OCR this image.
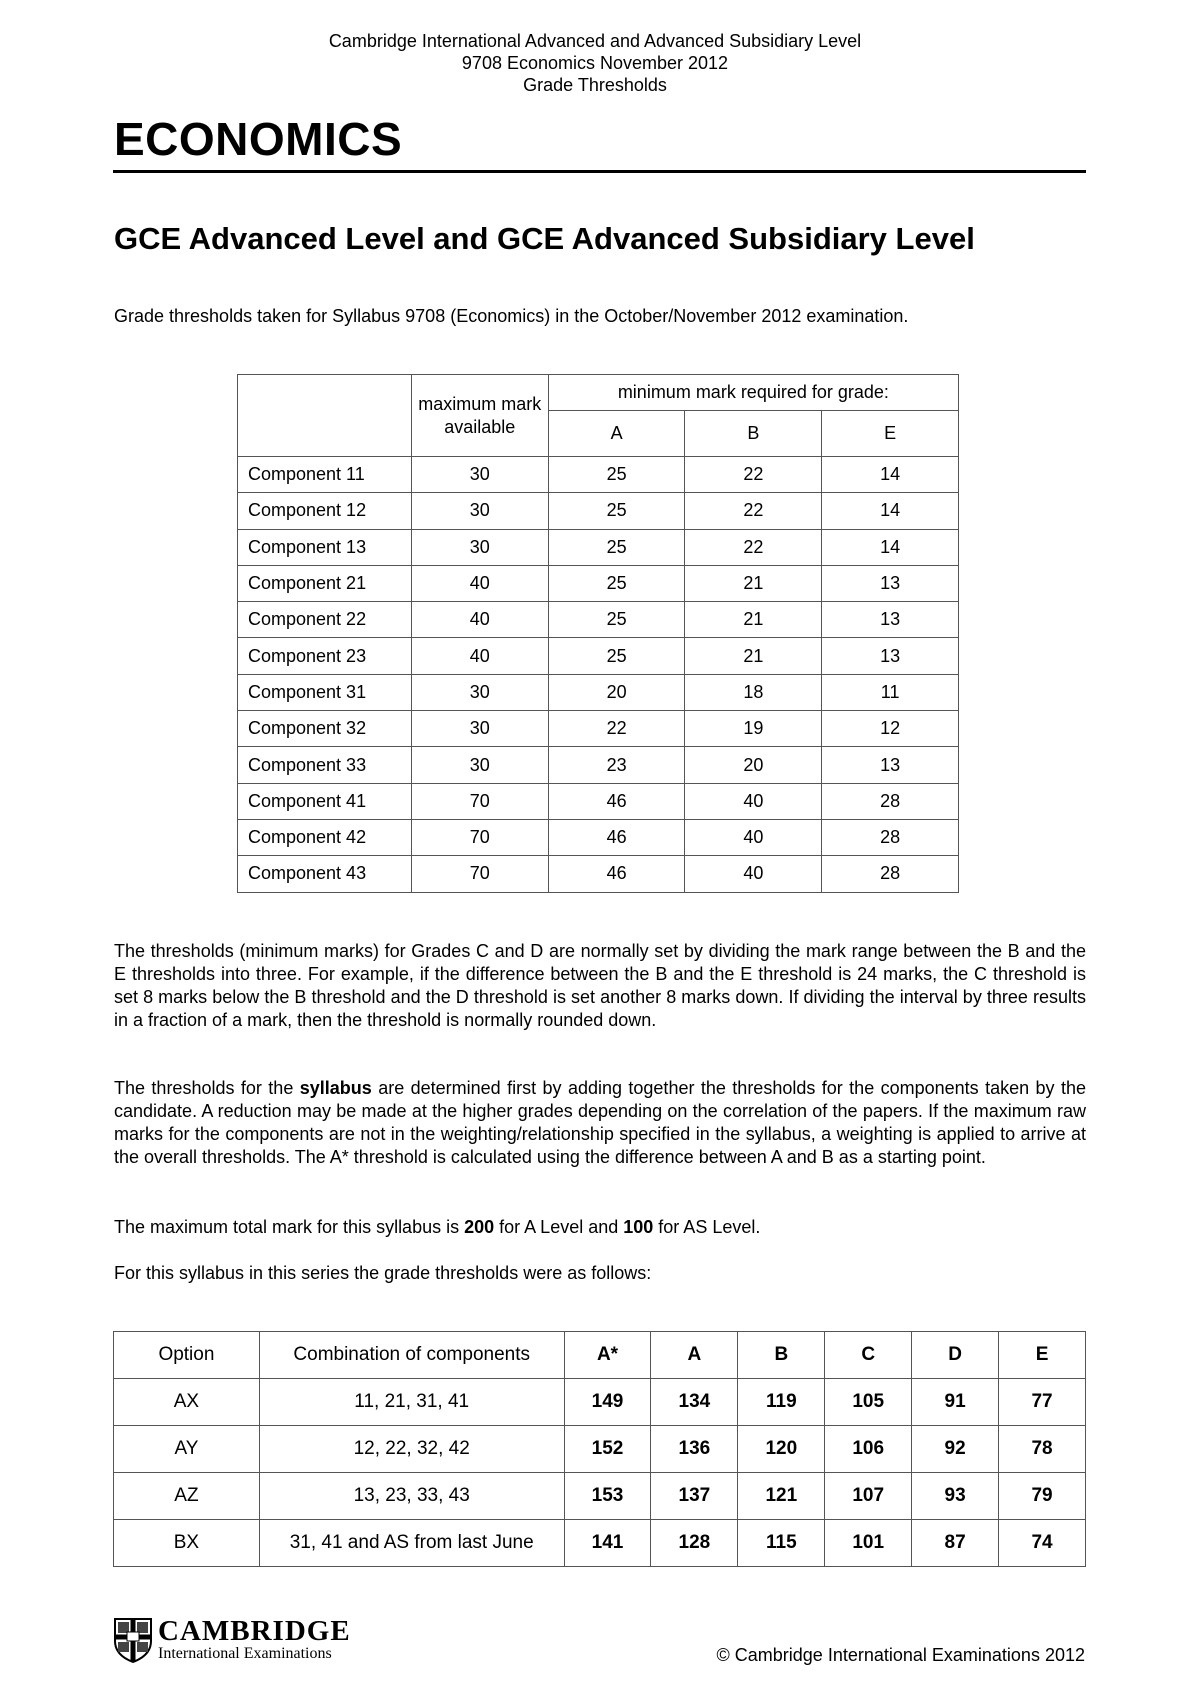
Cambridge International Advanced and Advanced Subsidiary Level
9708 Economics November 2012
Grade Thresholds
ECONOMICS
GCE Advanced Level and GCE Advanced Subsidiary Level
Grade thresholds taken for Syllabus 9708 (Economics) in the October/November 2012 examination.
	maximum mark available	minimum mark required for grade:		
		A	B	E
Component 11	30	25	22	14
Component 12	30	25	22	14
Component 13	30	25	22	14
Component 21	40	25	21	13
Component 22	40	25	21	13
Component 23	40	25	21	13
Component 31	30	20	18	11
Component 32	30	22	19	12
Component 33	30	23	20	13
Component 41	70	46	40	28
Component 42	70	46	40	28
Component 43	70	46	40	28
The thresholds (minimum marks) for Grades C and D are normally set by dividing the mark range between the B and the E thresholds into three. For example, if the difference between the B and the E threshold is 24 marks, the C threshold is set 8 marks below the B threshold and the D threshold is set another 8 marks down. If dividing the interval by three results in a fraction of a mark, then the threshold is normally rounded down.
The thresholds for the syllabus are determined first by adding together the thresholds for the components taken by the candidate. A reduction may be made at the higher grades depending on the correlation of the papers. If the maximum raw marks for the components are not in the weighting/relationship specified in the syllabus, a weighting is applied to arrive at the overall thresholds. The A* threshold is calculated using the difference between A and B as a starting point.
The maximum total mark for this syllabus is 200 for A Level and 100 for AS Level.
For this syllabus in this series the grade thresholds were as follows:
Option	Combination of components	A*	A	B	C	D	E
AX	11, 21, 31, 41	149	134	119	105	91	77
AY	12, 22, 32, 42	152	136	120	106	92	78
AZ	13, 23, 33, 43	153	137	121	107	93	79
BX	31, 41 and AS from last June	141	128	115	101	87	74
CAMBRIDGE
International Examinations	© Cambridge International Examinations 2012
